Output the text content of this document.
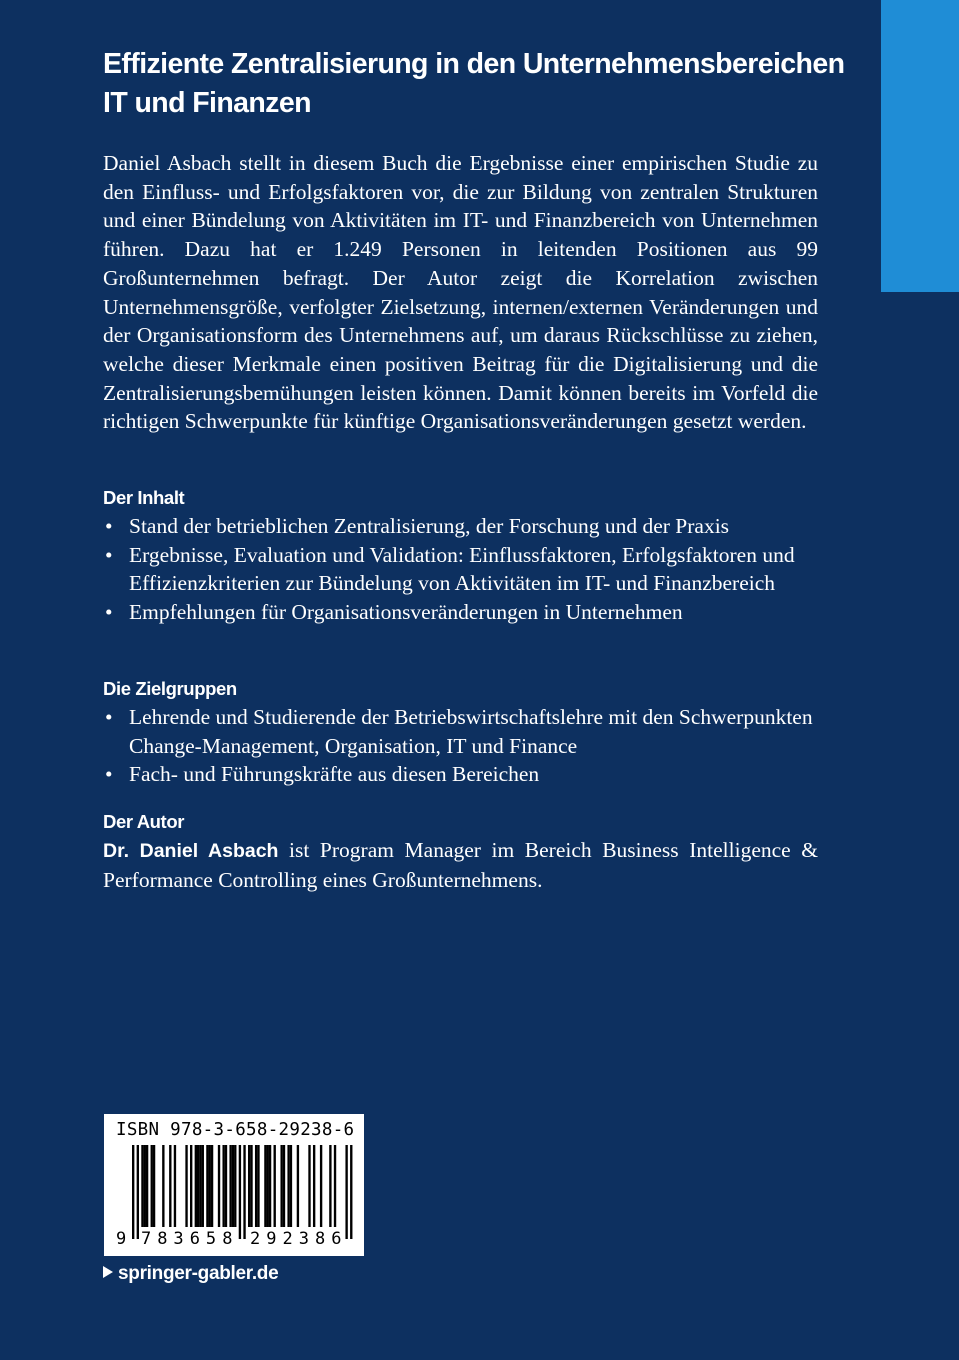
Effiziente Zentralisierung in den Unternehmensbereichen
IT und Finanzen
Daniel Asbach stellt in diesem Buch die Ergebnisse einer empirischen Studie zu den Einfluss- und Erfolgsfaktoren vor, die zur Bildung von zentralen Strukturen und einer Bündelung von Aktivitäten im IT- und Finanzbereich von Unternehmen führen. Dazu hat er 1.249 Personen in leitenden Positionen aus 99 Großunternehmen befragt. Der Autor zeigt die Korrelation zwischen Unternehmensgröße, verfolgter Zielsetzung, internen/externen Veränderungen und der Organisationsform des Unternehmens auf, um daraus Rückschlüsse zu ziehen, welche dieser Merkmale einen positiven Beitrag für die Digitalisierung und die Zentralisierungsbemühungen leisten können. Damit können bereits im Vorfeld die richtigen Schwerpunkte für künftige Organisationsveränderungen gesetzt werden.
Der Inhalt
• Stand der betrieblichen Zentralisierung, der Forschung und der Praxis
• Ergebnisse, Evaluation und Validation: Einflussfaktoren, Erfolgsfaktoren und Effizienzkriterien zur Bündelung von Aktivitäten im IT- und Finanzbereich
• Empfehlungen für Organisationsveränderungen in Unternehmen
Die Zielgruppen
• Lehrende und Studierende der Betriebswirtschaftslehre mit den Schwerpunkten Change-Management, Organisation, IT und Finance
• Fach- und Führungskräfte aus diesen Bereichen
Der Autor
Dr. Daniel Asbach ist Program Manager im Bereich Business Intelligence & Performance Controlling eines Großunternehmens.
ISBN 978-3-658-29238-6
9 7 8 3 6 5 8 2 9 2 3 8 6
springer-gabler.de
